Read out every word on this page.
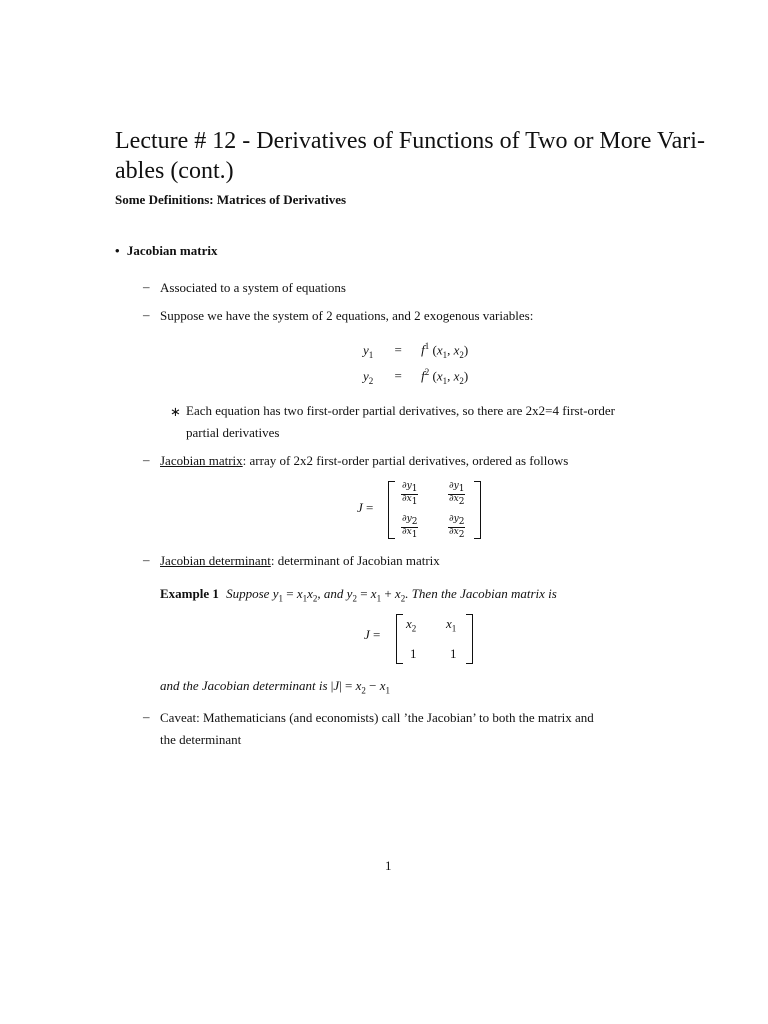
Lecture # 12 - Derivatives of Functions of Two or More Vari-
ables (cont.)
Some Definitions: Matrices of Derivatives
• Jacobian matrix
– Associated to a system of equations
– Suppose we have the system of 2 equations, and 2 exogenous variables:
$y_1 = f^1$ ($x_1$, $x_2$)
$y_2 = f^2$ ($x_1$, $x_2$)
∗ Each equation has two first-order partial derivatives, so there are 2x2=4 first-order
partial derivatives
– Jacobian matrix: array of 2x2 first-order partial derivatives, ordered as follows
J =
$\frac{\partial y_1}{\partial x_1}$	$\frac{\partial y_1}{\partial x_2}$
$\frac{\partial y_2}{\partial x_1}$	$\frac{\partial y_2}{\partial x_2}$
– Jacobian determinant: determinant of Jacobian matrix
Example 1 Suppose $y_1 = x_1x_2$, and $y_2 = x_1 + x_2$. Then the Jacobian matrix is
J =
$x_2$ $x_1$
1	1
and the Jacobian determinant is $|J| = x_2 - x_1$
– Caveat: Mathematicians (and economists) call ’the Jacobian’ to both the matrix and
the determinant
1
